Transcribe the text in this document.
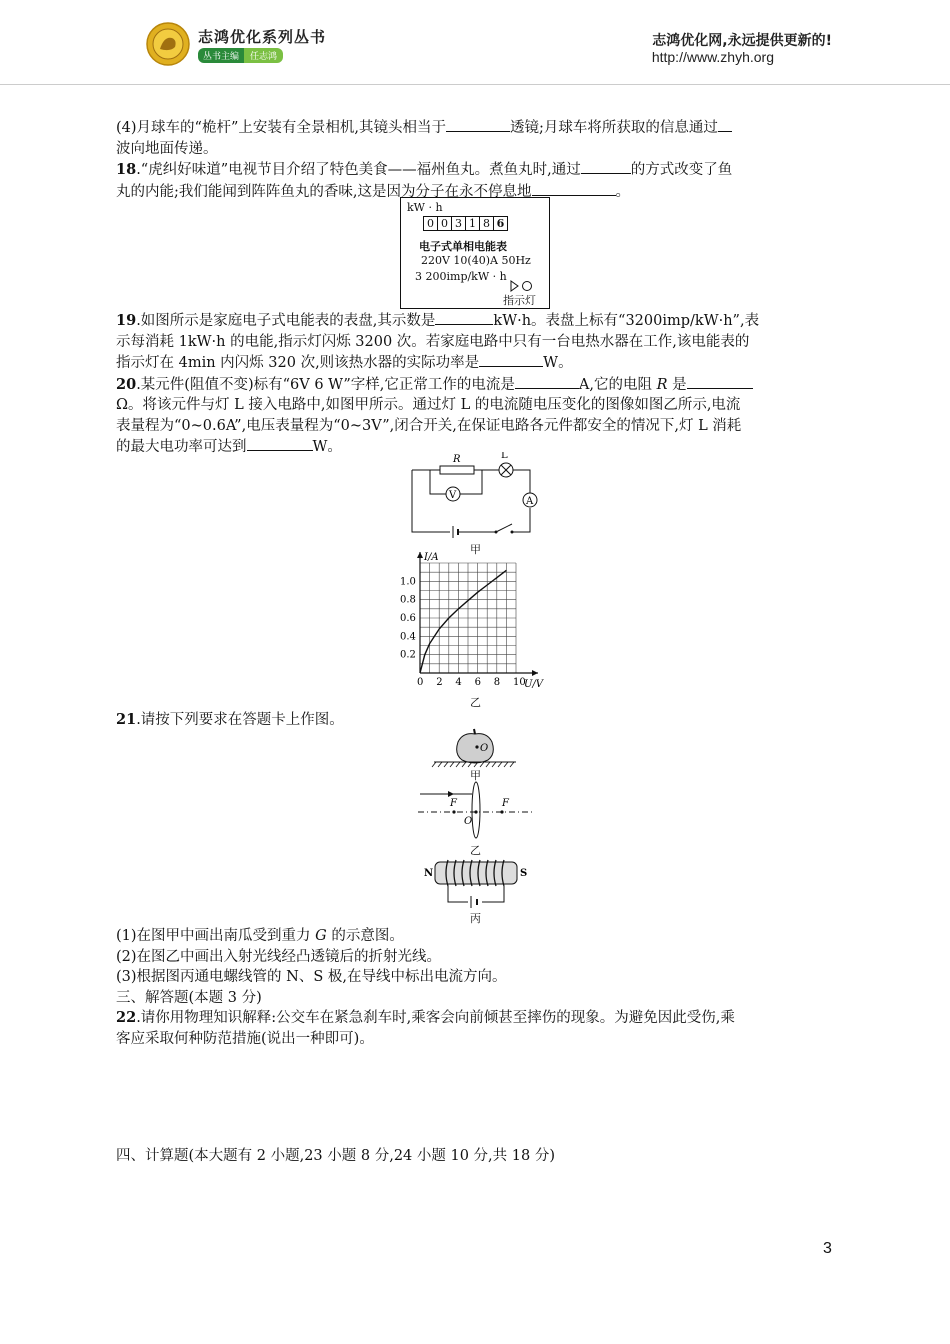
志鸿优化系列丛书
丛书主编	任志鸿
志鸿优化网,永远提供更新的!
http://www.zhyh.org

(4)月球车的“桅杆”上安装有全景相机,其镜头相当于	透镜;月球车将所获取的信息通过

波向地面传递。

18.“虎纠好味道”电视节目介绍了特色美食——福州鱼丸。煮鱼丸时,通过	的方式改变了鱼

丸的内能;我们能闻到阵阵鱼丸的香味,这是因为分子在永不停息地	。

kW · h
0 0 3 1 8 6
电子式单相电能表
220V 10(40)A 50Hz
3 200imp/kW · h
指示灯

19.如图所示是家庭电子式电能表的表盘,其示数是	kW·h。表盘上标有“3200imp/kW·h”,表

示每消耗 1kW·h 的电能,指示灯闪烁 3200 次。若家庭电路中只有一台电热水器在工作,该电能表的

指示灯在 4min 内闪烁 320 次,则该热水器的实际功率是	W。

20.某元件(阻值不变)标有“6V 6 W”字样,它正常工作的电流是	A,它的电阻 R 是

Ω。将该元件与灯 L 接入电路中,如图甲所示。通过灯 L 的电流随电压变化的图像如图乙所示,电流

表量程为“0~0.6A”,电压表量程为“0~3V”,闭合开关,在保证电路各元件都安全的情况下,灯 L 消耗

的最大电功率可达到	W。

A
L
R
V
甲
0 2 4 6 8 10
0.2
0.4
0.6
0.8
1.0
U/V
I/A
乙

21.请按下列要求在答题卡上作图。

O
甲
F	F
O
乙
N	S
丙

(1)在图甲中画出南瓜受到重力 G 的示意图。

(2)在图乙中画出入射光线经凸透镜后的折射光线。

(3)根据图丙通电螺线管的 N、S 极,在导线中标出电流方向。

三、解答题(本题 3 分)

22.请你用物理知识解释:公交车在紧急刹车时,乘客会向前倾甚至摔伤的现象。为避免因此受伤,乘

客应采取何种防范措施(说出一种即可)。

四、计算题(本大题有 2 小题,23 小题 8 分,24 小题 10 分,共 18 分)

3
